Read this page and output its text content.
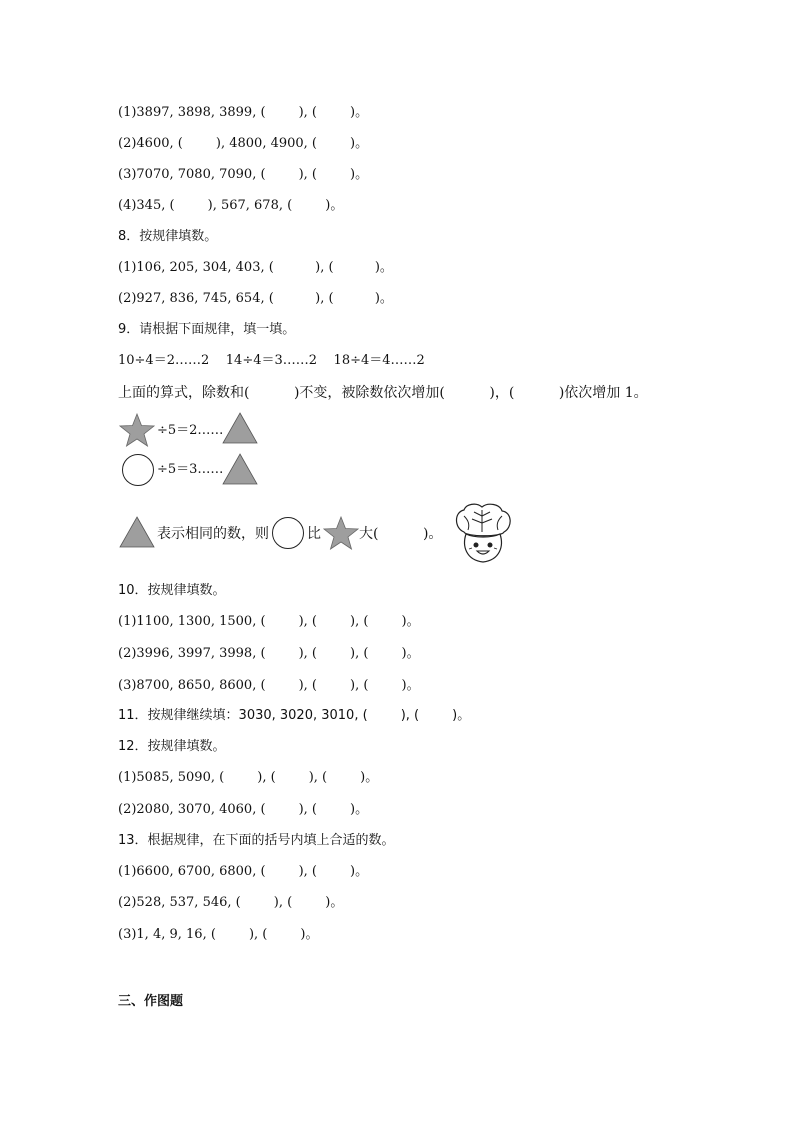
(1)3897, 3898, 3899, (        ), (        )。
(2)4600, (        ), 4800, 4900, (        )。
(3)7070, 7080, 7090, (        ), (        )。
(4)345, (        ), 567, 678, (        )。
8．按规律填数。
(1)106, 205, 304, 403, (          ), (          )。
(2)927, 836, 745, 654, (          ), (          )。
9．请根据下面规律，填一填。
10÷4＝2……2    14÷4＝3……2    18÷4＝4……2
上面的算式，除数和(          )不变，被除数依次增加(          )，(          )依次增加 1。
÷5＝2……
÷5＝3……
表示相同的数，则	比	大(          )。
10．按规律填数。
(1)1100, 1300, 1500, (        ), (        ), (        )。
(2)3996, 3997, 3998, (        ), (        ), (        )。
(3)8700, 8650, 8600, (        ), (        ), (        )。
11．按规律继续填：3030, 3020, 3010, (        ), (        )。
12．按规律填数。
(1)5085, 5090, (        ), (        ), (        )。
(2)2080, 3070, 4060, (        ), (        )。
13．根据规律，在下面的括号内填上合适的数。
(1)6600, 6700, 6800, (        ), (        )。
(2)528, 537, 546, (        ), (        )。
(3)1, 4, 9, 16, (        ), (        )。
三、作图题
